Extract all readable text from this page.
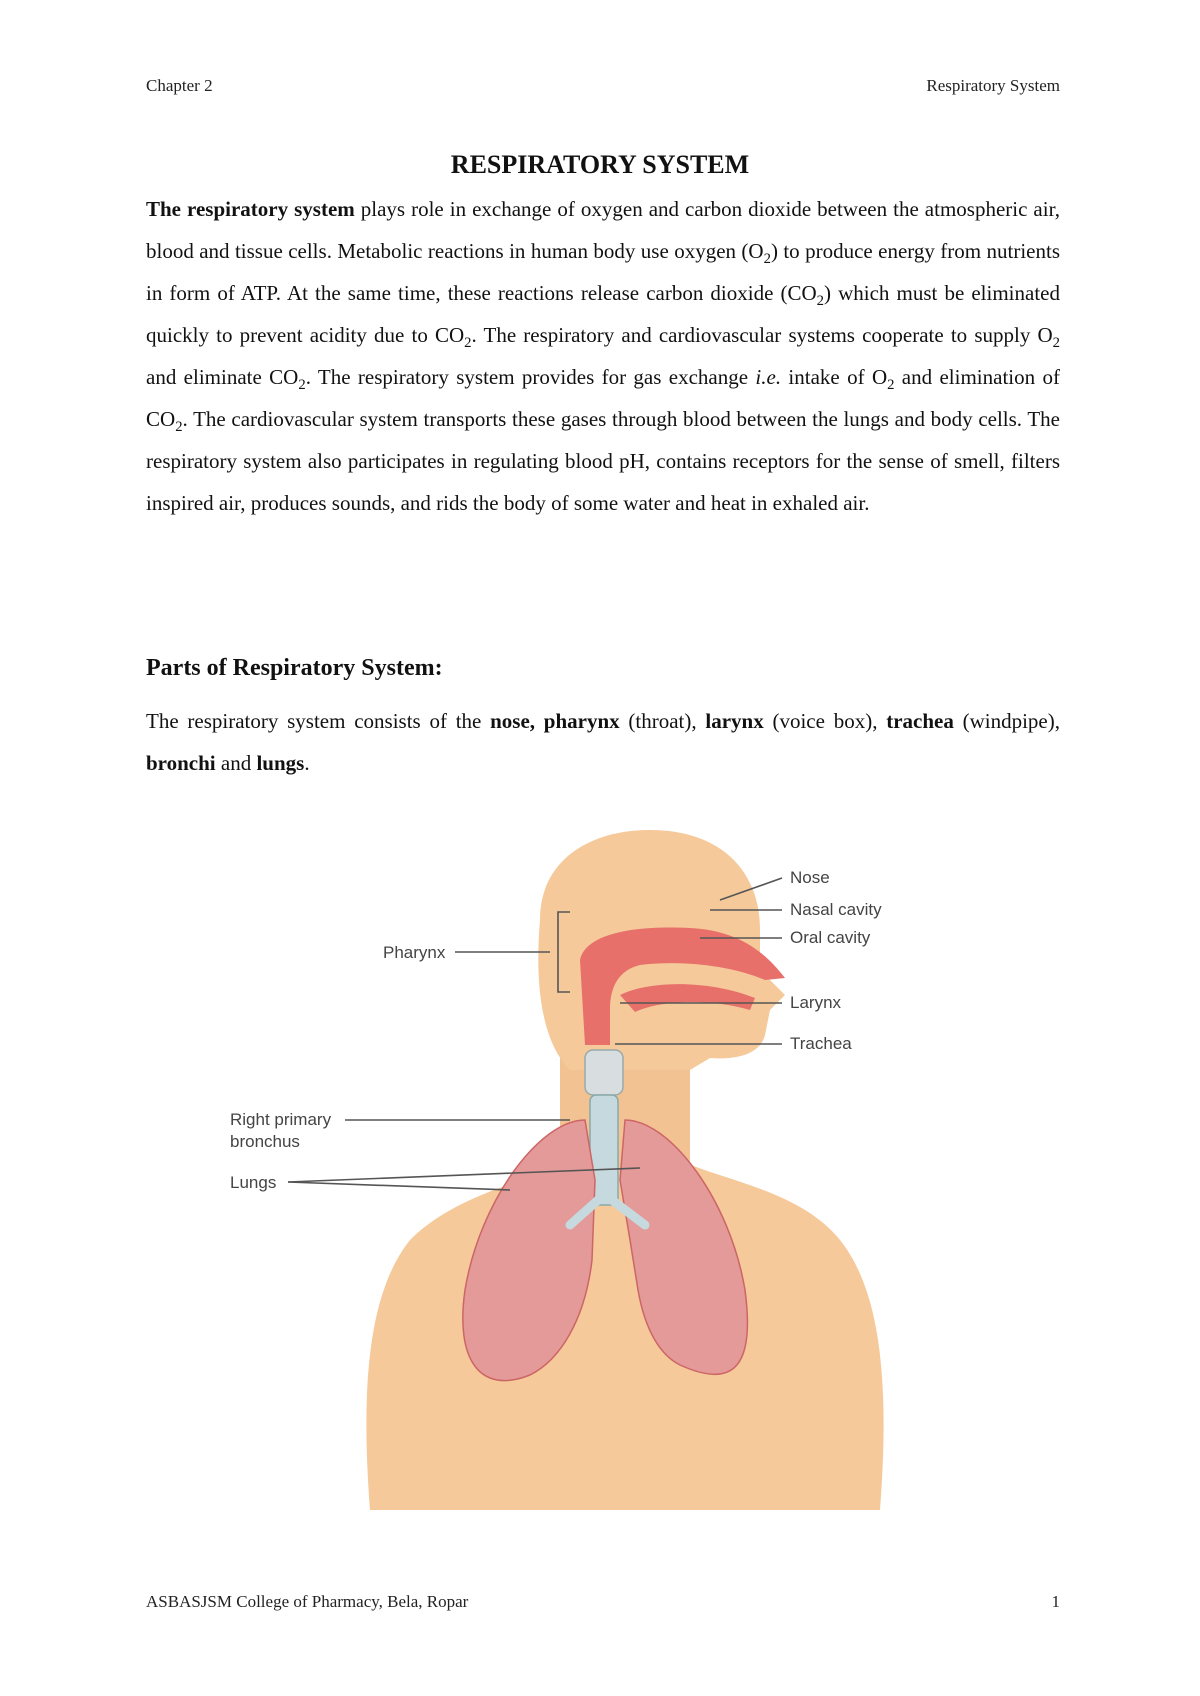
Chapter 2	Respiratory System
RESPIRATORY SYSTEM

The respiratory system plays role in exchange of oxygen and carbon dioxide between the atmospheric air, blood and tissue cells. Metabolic reactions in human body use oxygen $(O_2)$ to produce energy from nutrients in form of ATP. At the same time, these reactions release carbon dioxide $(CO_2)$ which must be eliminated quickly to prevent acidity due to $CO_2$. The respiratory and cardiovascular systems cooperate to supply $O_2$ and eliminate $CO_2$. The respiratory system provides for gas exchange i.e. intake of $O_2$ and elimination of $CO_2$. The cardiovascular system transports these gases through blood between the lungs and body cells. The respiratory system also participates in regulating blood pH, contains receptors for the sense of smell, filters inspired air, produces sounds, and rids the body of some water and heat in exhaled air.

Parts of Respiratory System:

The respiratory system consists of the nose, pharynx (throat), larynx (voice box), trachea (windpipe), bronchi and lungs.

Nose
Nasal cavity
Oral cavity
Pharynx
Larynx
Trachea
Right primary
bronchus
Lungs
ASBASJSM College of Pharmacy, Bela, Ropar	1
